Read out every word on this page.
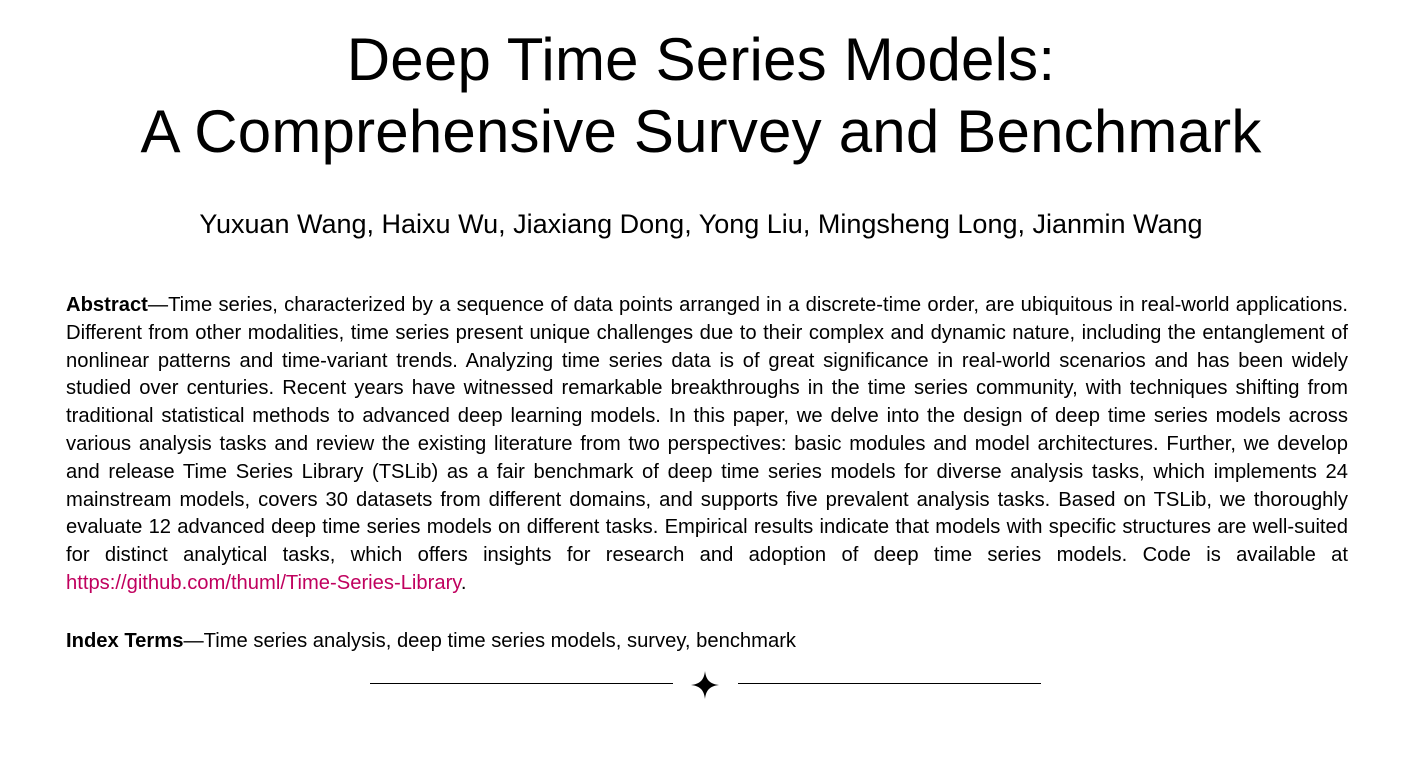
Deep Time Series Models:
A Comprehensive Survey and Benchmark
Yuxuan Wang, Haixu Wu, Jiaxiang Dong, Yong Liu, Mingsheng Long, Jianmin Wang

Abstract—Time series, characterized by a sequence of data points arranged in a discrete-time order, are ubiquitous in real-world applications. Different from other modalities, time series present unique challenges due to their complex and dynamic nature, including the entanglement of nonlinear patterns and time-variant trends. Analyzing time series data is of great significance in real-world scenarios and has been widely studied over centuries. Recent years have witnessed remarkable breakthroughs in the time series community, with techniques shifting from traditional statistical methods to advanced deep learning models. In this paper, we delve into the design of deep time series models across various analysis tasks and review the existing literature from two perspectives: basic modules and model architectures. Further, we develop and release Time Series Library (TSLib) as a fair benchmark of deep time series models for diverse analysis tasks, which implements 24 mainstream models, covers 30 datasets from different domains, and supports five prevalent analysis tasks. Based on TSLib, we thoroughly evaluate 12 advanced deep time series models on different tasks. Empirical results indicate that models with specific structures are well-suited for distinct analytical tasks, which offers insights for research and adoption of deep time series models. Code is available at https://github.com/thuml/Time-Series-Library.

Index Terms—Time series analysis, deep time series models, survey, benchmark
